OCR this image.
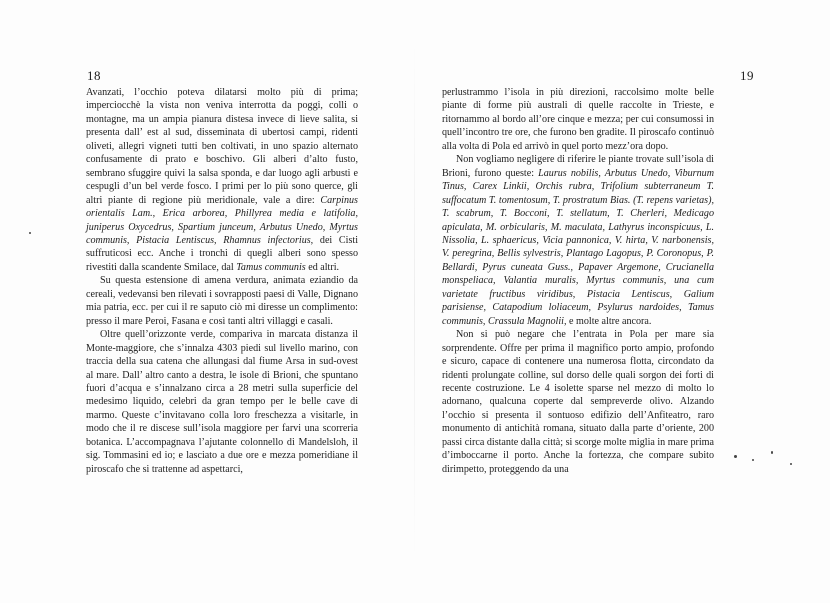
18

Avanzati, l’occhio poteva dilatarsi molto più di prima; imperciocchè la vista non veniva interrotta da poggi, colli o montagne, ma un ampia pianura distesa invece di lieve salita, si presenta dall’ est al sud, disseminata di ubertosi campi, ridenti oliveti, allegri vigneti tutti ben coltivati, in uno spazio alternato confusamente di prato e boschivo. Gli alberi d’alto fusto, sembrano sfuggire quivi la salsa sponda, e dar luogo agli arbusti e cespugli d’un bel verde fosco. I primi per lo più sono querce, gli altri piante di regione più meridionale, vale a dire: Carpinus orientalis Lam., Erica arborea, Phillyrea media e latifolia, juniperus Oxycedrus, Spartium junceum, Arbutus Unedo, Myrtus communis, Pistacia Lentiscus, Rhamnus infectorius, dei Cisti suffruticosi ecc. Anche i tronchi di quegli alberi sono spesso rivestiti dalla scandente Smilace, dal Tamus communis ed altri.

Su questa estensione di amena verdura, animata eziandio da cereali, vedevansi ben rilevati i sovrapposti paesi di Valle, Dignano mia patria, ecc. per cui il re saputo ciò mi diresse un complimento: presso il mare Peroi, Fasana e così tanti altri villaggi e casali.

Oltre quell’orizzonte verde, compariva in marcata distanza il Monte-maggiore, che s’innalza 4303 piedi sul livello marino, con traccia della sua catena che allungasi dal fiume Arsa in sud-ovest al mare. Dall’ altro canto a destra, le isole di Brioni, che spuntano fuori d’acqua e s’innalzano circa a 28 metri sulla superficie del medesimo liquido, celebri da gran tempo per le belle cave di marmo. Queste c’invitavano colla loro freschezza a visitarle, in modo che il re discese sull’isola maggiore per farvi una scorreria botanica. L’accompagnava l’ajutante colonnello di Mandelsloh, il sig. Tommasini ed io; e lasciato a due ore e mezza pomeridiane il piroscafo che si trattenne ad aspettarci,

19

perlustrammo l’isola in più direzioni, raccolsimo molte belle piante di forme più australi di quelle raccolte in Trieste, e ritornammo al bordo all’ore cinque e mezza; per cui consumossi in quell’incontro tre ore, che furono ben gradite. Il piroscafo continuò alla volta di Pola ed arrivò in quel porto mezz’ora dopo.

Non vogliamo negligere di riferire le piante trovate sull’isola di Brioni, furono queste: Laurus nobilis, Arbutus Unedo, Viburnum Tinus, Carex Linkii, Orchis rubra, Trifolium subterraneum T. suffocatum T. tomentosum, T. prostratum Bias. (T. repens varietas), T. scabrum, T. Bocconi, T. stellatum, T. Cherleri, Medicago apiculata, M. orbicularis, M. maculata, Lathyrus inconspicuus, L. Nissolia, L. sphaericus, Vicia pannonica, V. hirta, V. narbonensis, V. peregrina, Bellis sylvestris, Plantago Lagopus, P. Coronopus, P. Bellardi, Pyrus cuneata Guss., Papaver Argemone, Crucianella monspeliaca, Valantia muralis, Myrtus communis, una cum varietate fructibus viridibus, Pistacia Lentiscus, Galium parisiense, Catapodium loliaceum, Psylurus nardoides, Tamus communis, Crassula Magnolii, e molte altre ancora.

Non si può negare che l’entrata in Pola per mare sia sorprendente. Offre per prima il magnifico porto ampio, profondo e sicuro, capace di contenere una numerosa flotta, circondato da ridenti prolungate colline, sul dorso delle quali sorgon dei forti di recente costruzione. Le 4 isolette sparse nel mezzo di molto lo adornano, qualcuna coperte dal sempreverde olivo. Alzando l’occhio si presenta il sontuoso edifizio dell’Anfiteatro, raro monumento di antichità romana, situato dalla parte d’oriente, 200 passi circa distante dalla città; si scorge molte miglia in mare prima d’imboccarne il porto. Anche la fortezza, che compare subito dirimpetto, proteggendo da una
